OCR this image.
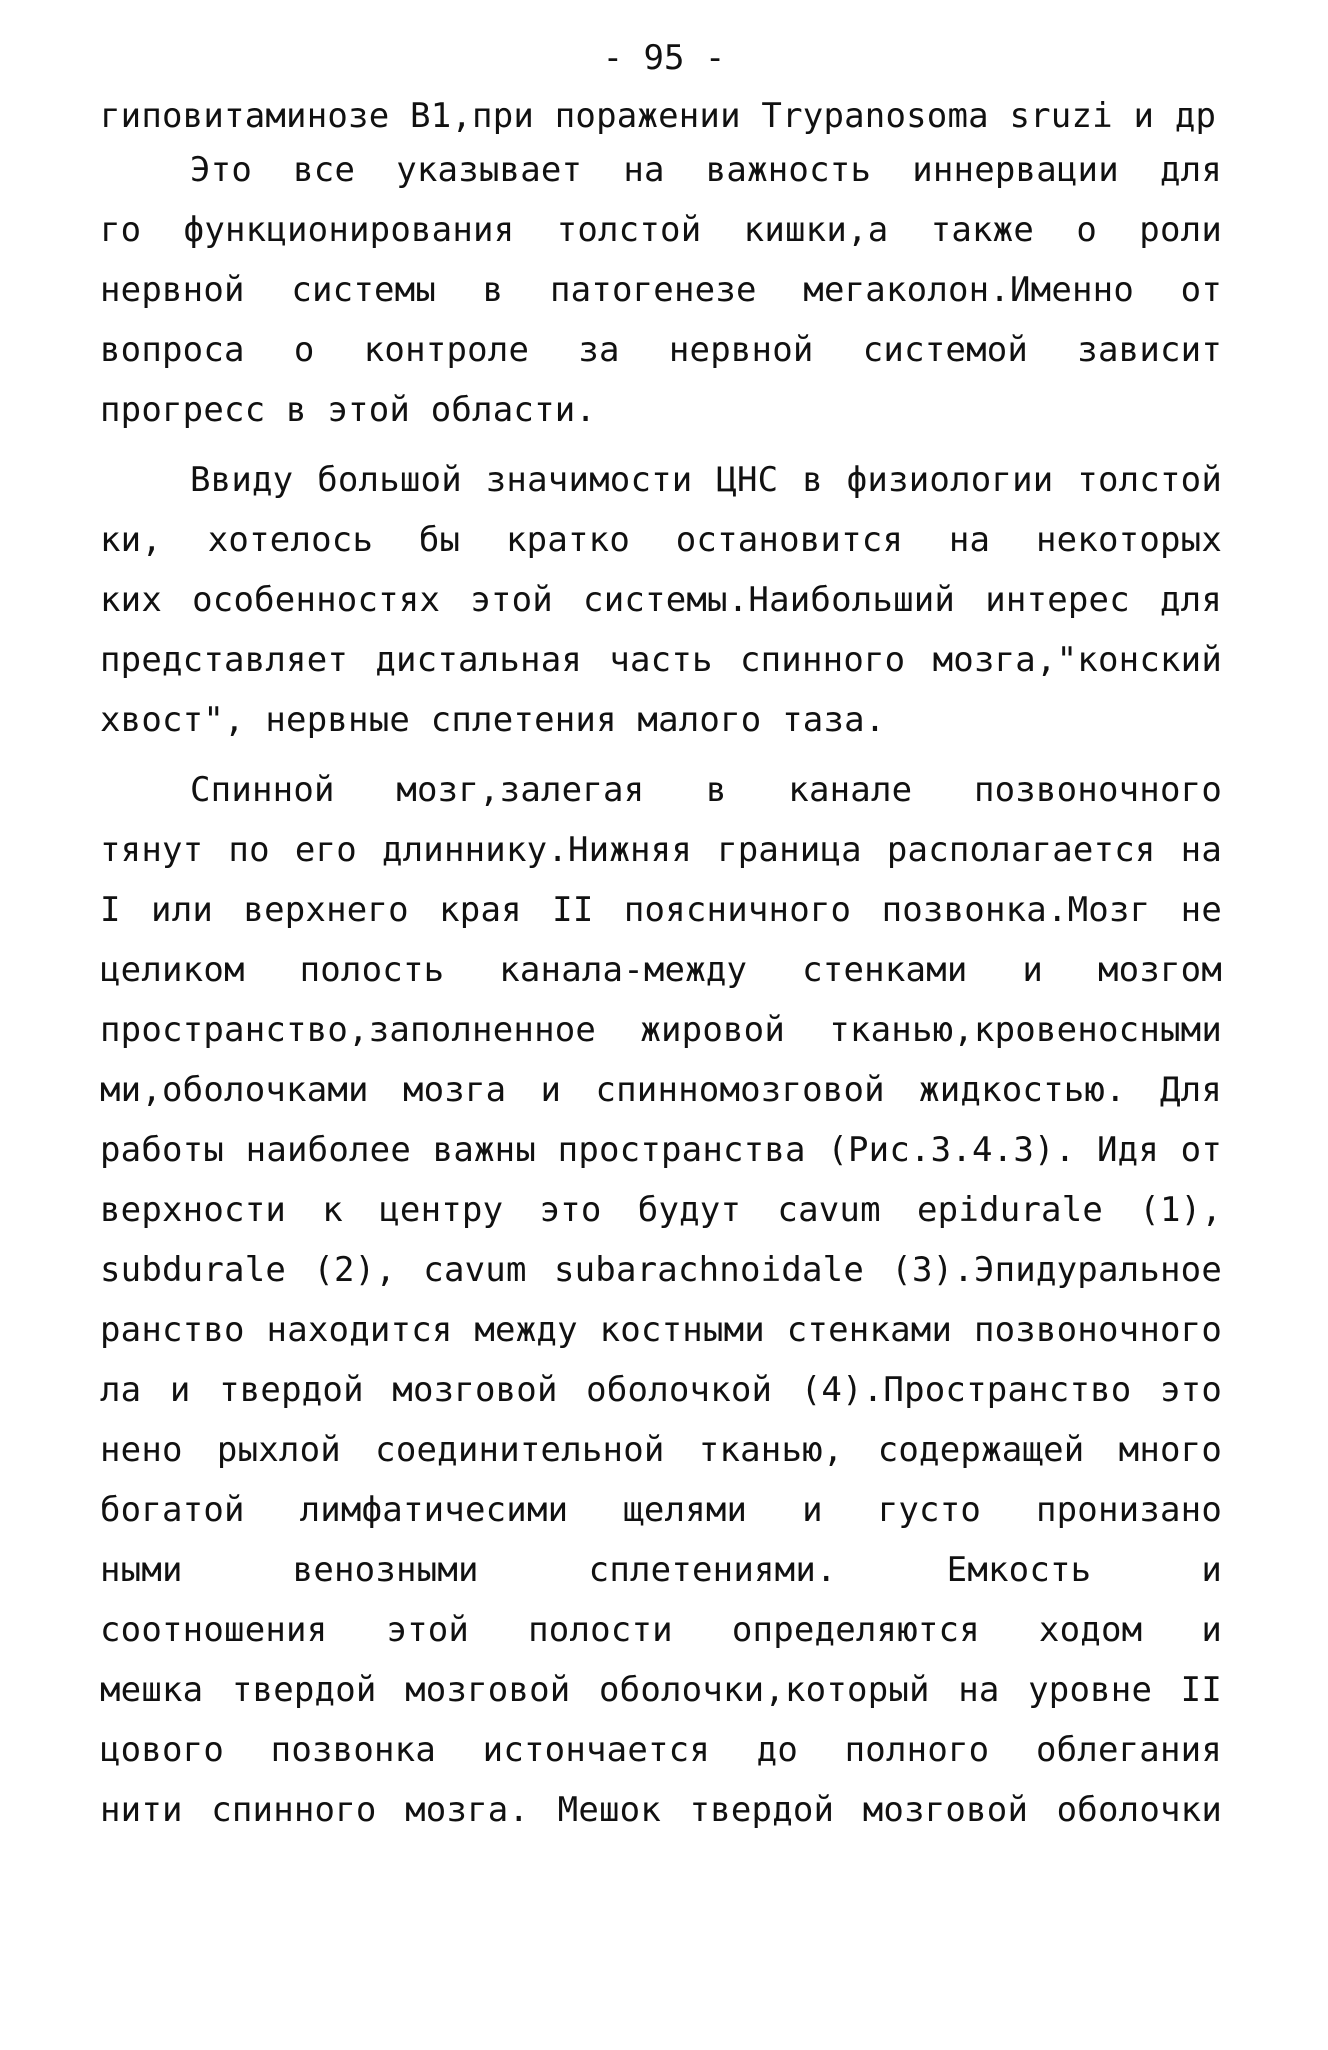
- 95 -
гиповитаминозе B1,при поражении Trypanosoma sruzi и др
Это все указывает на важность иннервации для
го функционирования толстой кишки,а также о роли
нервной системы в патогенезе мегаколон.Именно от
вопроса о контроле за нервной системой зависит
прогресс в этой области.
Ввиду большой значимости ЦНС в физиологии толстой
ки, хотелось бы кратко остановится на некоторых
ких особенностях этой системы.Наибольший интерес для
представляет дистальная часть спинного мозга,"конский
хвост", нервные сплетения малого таза.
Спинной мозг,залегая в канале позвоночного
тянут по его длиннику.Нижняя граница располагается на
I или верхнего края II поясничного позвонка.Мозг не
целиком полость канала-между стенками и мозгом
пространство,заполненное жировой тканью,кровеносными
ми,оболочками мозга и спинномозговой жидкостью. Для
работы наиболее важны пространства (Рис.3.4.3). Идя от
верхности к центру это будут cavum epidurale (1),
subdurale (2), cavum subarachnoidale (3).Эпидуральное
ранство находится между костными стенками позвоночного
ла и твердой мозговой оболочкой (4).Пространство это
нено рыхлой соединительной тканью, содержащей много
богатой лимфатичесими щелями и густо пронизано
ными венозными сплетениями. Емкость и
соотношения этой полости определяются ходом и
мешка твердой мозговой оболочки,который на уровне II
цового позвонка истончается до полного облегания
нити спинного мозга. Мешок твердой мозговой оболочки
